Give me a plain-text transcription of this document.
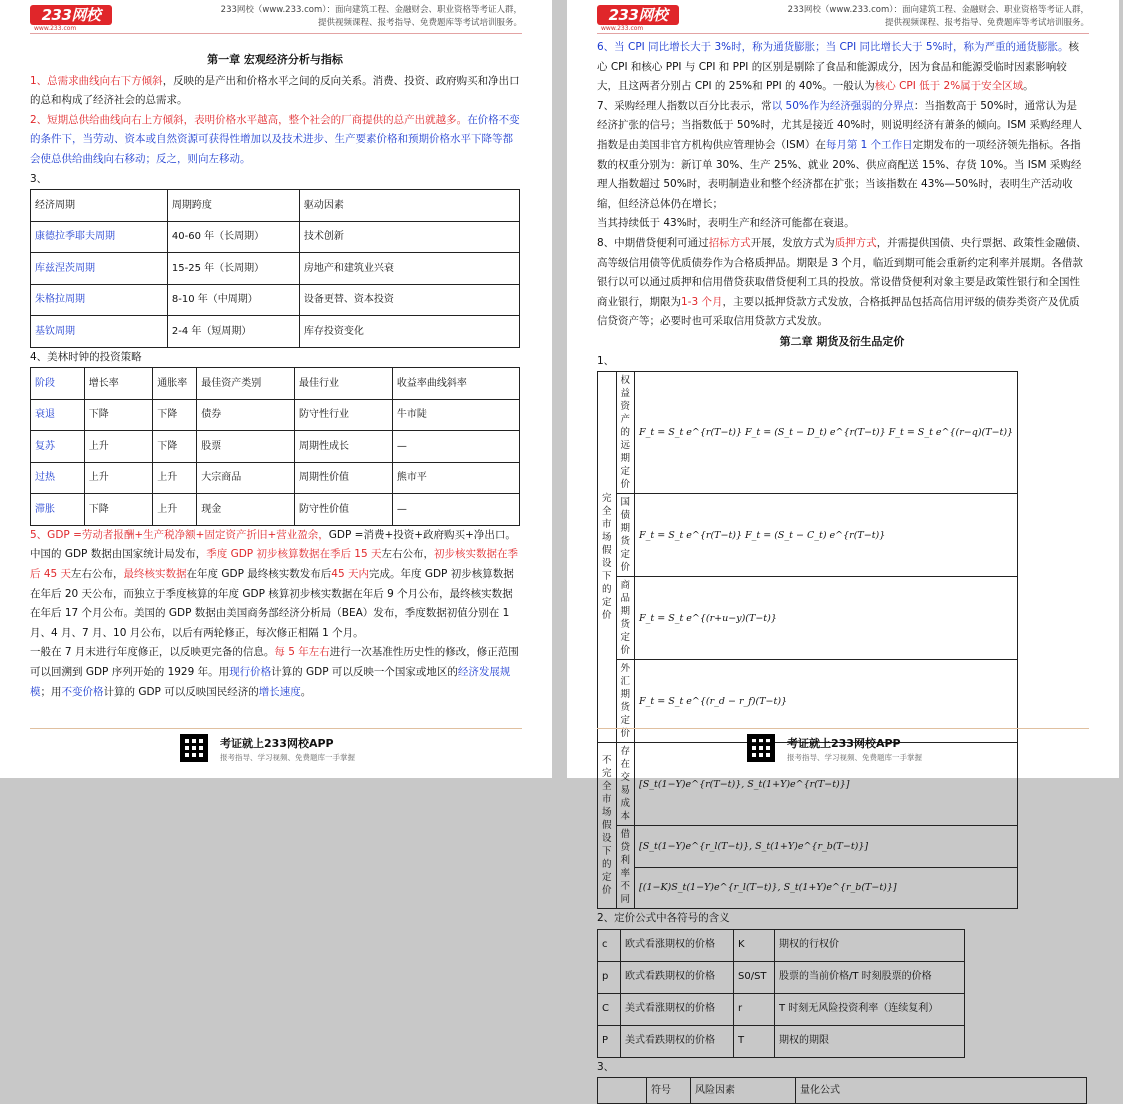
233网校
www.233.com
233网校（www.233.com）：面向建筑工程、金融财会、职业资格等考证人群，
提供视频课程、报考指导、免费题库等考试培训服务。
第一章 宏观经济分析与指标

1、总需求曲线向右下方倾斜，反映的是产出和价格水平之间的反向关系。消费、投资、政府购买和净出口的总和构成了经济社会的总需求。

2、短期总供给曲线向右上方倾斜，表明价格水平越高，整个社会的厂商提供的总产出就越多。在价格不变的条件下，当劳动、资本或自然资源可获得性增加以及技术进步、生产要素价格和预期价格水平下降等都会使总供给曲线向右移动；反之，则向左移动。

3、

经济周期	周期跨度	驱动因素
康德拉季耶夫周期	40-60 年（长周期）	技术创新
库兹涅茨周期	15-25 年（长周期）	房地产和建筑业兴衰
朱格拉周期	8-10 年（中周期）	设备更替、资本投资
基钦周期	2-4 年（短周期）	库存投资变化

4、美林时钟的投资策略

阶段	增长率	通胀率	最佳资产类别	最佳行业	收益率曲线斜率
衰退	下降	下降	债券	防守性行业	牛市陡
复苏	上升	下降	股票	周期性成长	—
过热	上升	上升	大宗商品	周期性价值	熊市平
滞胀	下降	上升	现金	防守性价值	—

5、GDP =劳动者报酬+生产税净额+固定资产折旧+营业盈余，GDP =消费+投资+政府购买+净出口。中国的 GDP 数据由国家统计局发布，季度 GDP 初步核算数据在季后 15 天左右公布，初步核实数据在季后 45 天左右公布，最终核实数据在年度 GDP 最终核实数发布后45 天内完成。年度 GDP 初步核算数据在年后 20 天公布，而独立于季度核算的年度 GDP 核算初步核实数据在年后 9 个月公布，最终核实数据在年后 17 个月公布。美国的 GDP 数据由美国商务部经济分析局（BEA）发布，季度数据初值分别在 1 月、4 月、7 月、10 月公布，以后有两轮修正，每次修正相隔 1 个月。

一般在 7 月末进行年度修正，以反映更完备的信息。每 5 年左右进行一次基准性历史性的修改，修正范围可以回溯到 GDP 序列开始的 1929 年。用现行价格计算的 GDP 可以反映一个国家或地区的经济发展规模；用不变价格计算的 GDP 可以反映国民经济的增长速度。

考证就上233网校APP
报考指导、学习视频、免费题库一手掌握
233网校
www.233.com
233网校（www.233.com）：面向建筑工程、金融财会、职业资格等考证人群，
提供视频课程、报考指导、免费题库等考试培训服务。

6、当 CPI 同比增长大于 3%时，称为通货膨胀；当 CPI 同比增长大于 5%时，称为严重的通货膨胀。核心 CPI 和核心 PPI 与 CPI 和 PPI 的区别是剔除了食品和能源成分，因为食品和能源受临时因素影响较大，且这两者分别占 CPI 的 25%和 PPI 的 40%。一般认为核心 CPI 低于 2%属于安全区域。

7、采购经理人指数以百分比表示，常以 50%作为经济强弱的分界点：当指数高于 50%时，通常认为是经济扩张的信号；当指数低于 50%时，尤其是接近 40%时，则说明经济有萧条的倾向。ISM 采购经理人指数是由美国非官方机构供应管理协会（ISM）在每月第 1 个工作日定期发布的一项经济领先指标。各指数的权重分别为：新订单 30%、生产 25%、就业 20%、供应商配送 15%、存货 10%。当 ISM 采购经理人指数超过 50%时，表明制造业和整个经济都在扩张；当该指数在 43%—50%时，表明生产活动收缩，但经济总体仍在增长；

当其持续低于 43%时，表明生产和经济可能都在衰退。

8、中期借贷便利可通过招标方式开展，发放方式为质押方式，并需提供国债、央行票据、政策性金融债、高等级信用债等优质债券作为合格质押品。期限是 3 个月，临近到期可能会重新约定利率并展期。各借款银行以可以通过质押和信用借贷获取借贷便利工具的投放。常设借贷便利对象主要是政策性银行和全国性商业银行，期限为1-3 个月，主要以抵押贷款方式发放，合格抵押品包括高信用评级的债券类资产及优质信贷资产等；必要时也可采取信用贷款方式发放。

第二章 期货及衍生品定价

1、

完全市场假设下的定价	权益资产的远期定价	F_t = S_t e^{r(T−t)} F_t = (S_t − D_t) e^{r(T−t)} F_t = S_t e^{(r−q)(T−t)}
	国债期货定价	F_t = S_t e^{r(T−t)} F_t = (S_t − C_t) e^{r(T−t)}
	商品期货定价	F_t = S_t e^{(r+u−y)(T−t)}
	外汇期货定价	F_t = S_t e^{(r_d − r_f)(T−t)}
不完全市场假设下的定价	存在交易成本	[S_t(1−Y)e^{r(T−t)}, S_t(1+Y)e^{r(T−t)}]
	借贷利率不同	[S_t(1−Y)e^{r_l(T−t)}, S_t(1+Y)e^{r_b(T−t)}]
		[(1−K)S_t(1−Y)e^{r_l(T−t)}, S_t(1+Y)e^{r_b(T−t)}]

2、定价公式中各符号的含义

c	欧式看涨期权的价格	K	期权的行权价
p	欧式看跌期权的价格	S0/ST	股票的当前价格/T 时刻股票的价格
C	美式看涨期权的价格	r	T 时刻无风险投资利率（连续复利）
P	美式看跌期权的价格	T	期权的期限

3、

	符号	风险因素	量化公式
考证就上233网校APP
报考指导、学习视频、免费题库一手掌握
